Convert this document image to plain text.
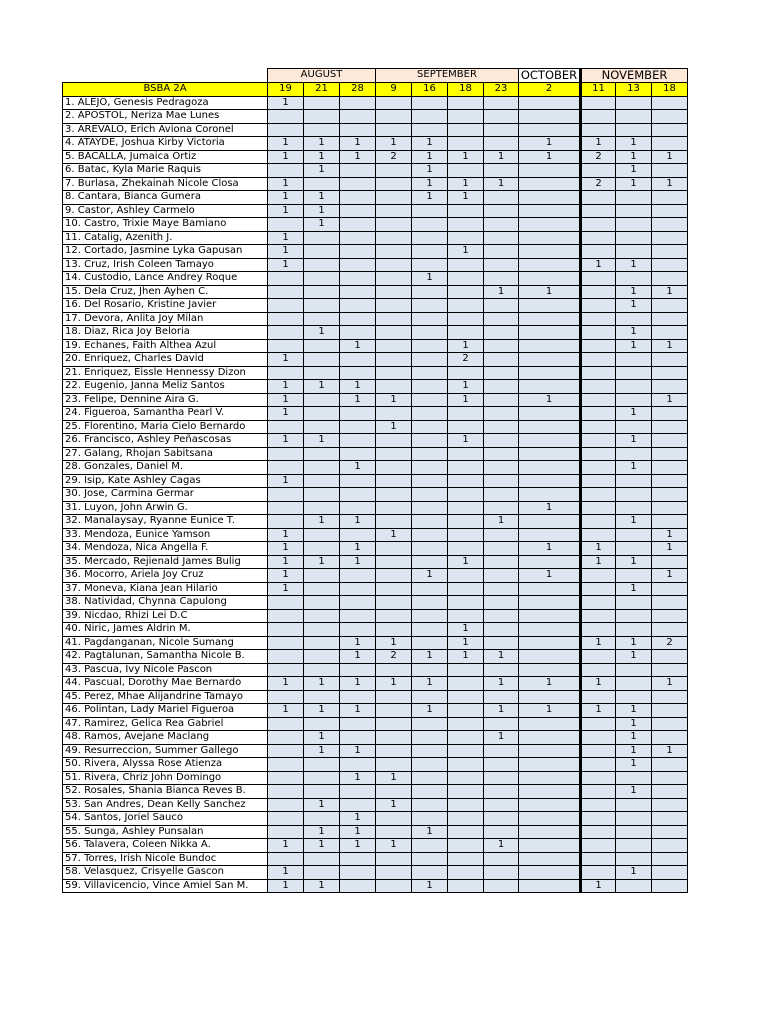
	AUGUST			SEPTEMBER				OCTOBER	NOVEMBER		
BSBA 2A	19	21	28	9	16	18	23	2	11	13	18
1. ALEJO, Genesis Pedragoza	1										
2. APOSTOL, Neriza Mae Lunes											
3. AREVALO, Erich Aviona Coronel											
4. ATAYDE, Joshua Kirby Victoria	1	1	1	1	1			1	1	1	
5. BACALLA, Jumaica Ortiz	1	1	1	2	1	1	1	1	2	1	1
6. Batac, Kyla Marie Raquis		1			1					1	
7. Burlasa, Zhekainah Nicole Closa	1				1	1	1		2	1	1
8. Cantara, Bianca Gumera	1	1			1	1					
9. Castor, Ashley Carmelo	1	1									
10. Castro, Trixie Maye Bamiano		1									
11. Catalig, Azenith J.	1										
12. Cortado, Jasmine Lyka Gapusan	1					1					
13. Cruz, Irish Coleen Tamayo	1								1	1	
14. Custodio, Lance Andrey Roque					1						
15. Dela Cruz, Jhen Ayhen C.							1	1		1	1
16. Del Rosario, Kristine Javier										1	
17. Devora, Anlita Joy Milan											
18. Diaz, Rica Joy Beloria		1								1	
19. Echanes, Faith Althea Azul			1			1				1	1
20. Enriquez, Charles David	1					2					
21. Enriquez, Eissle Hennessy Dizon											
22. Eugenio, Janna Meliz Santos	1	1	1			1					
23. Felipe, Dennine Aira G.	1		1	1		1		1			1
24. Figueroa, Samantha Pearl V.	1									1	
25. Florentino, Maria Cielo Bernardo				1							
26. Francisco, Ashley Peñascosas	1	1				1				1	
27. Galang, Rhojan Sabitsana											
28. Gonzales, Daniel M.			1							1	
29. Isip, Kate Ashley Cagas	1										
30. Jose, Carmina Germar											
31. Luyon, John Arwin G.								1			
32. Manalaysay, Ryanne Eunice T.		1	1				1			1	
33. Mendoza, Eunice Yamson	1			1							1
34. Mendoza, Nica Angella F.	1		1					1	1		1
35. Mercado, Rejienald James Bulig	1	1	1			1			1	1	
36. Mocorro, Ariela Joy Cruz	1				1			1			1
37. Moneva, Kiana Jean Hilario	1									1	
38. Natividad, Chynna Capulong											
39. Nicdao, Rhizi Lei D.C											
40. Niric, James Aldrin M.						1					
41. Pagdanganan, Nicole Sumang			1	1		1			1	1	2
42. Pagtalunan, Samantha Nicole B.			1	2	1	1	1			1	
43. Pascua, Ivy Nicole Pascon											
44. Pascual, Dorothy Mae Bernardo	1	1	1	1	1		1	1	1		1
45. Perez, Mhae Alijandrine Tamayo											
46. Polintan, Lady Mariel Figueroa	1	1	1		1		1	1	1	1	
47. Ramirez, Gelica Rea Gabriel										1	
48. Ramos, Avejane Maclang		1					1			1	
49. Resurreccion, Summer Gallego		1	1							1	1
50. Rivera, Alyssa Rose Atienza										1	
51. Rivera, Chriz John Domingo			1	1							
52. Rosales, Shania Bianca Reves B.										1	
53. San Andres, Dean Kelly Sanchez		1		1							
54. Santos, Joriel Sauco			1								
55. Sunga, Ashley Punsalan		1	1		1						
56. Talavera, Coleen Nikka A.	1	1	1	1			1				
57. Torres, Irish Nicole Bundoc											
58. Velasquez, Crisyelle Gascon	1									1	
59. Villavicencio, Vince Amiel San M.	1	1			1				1		
